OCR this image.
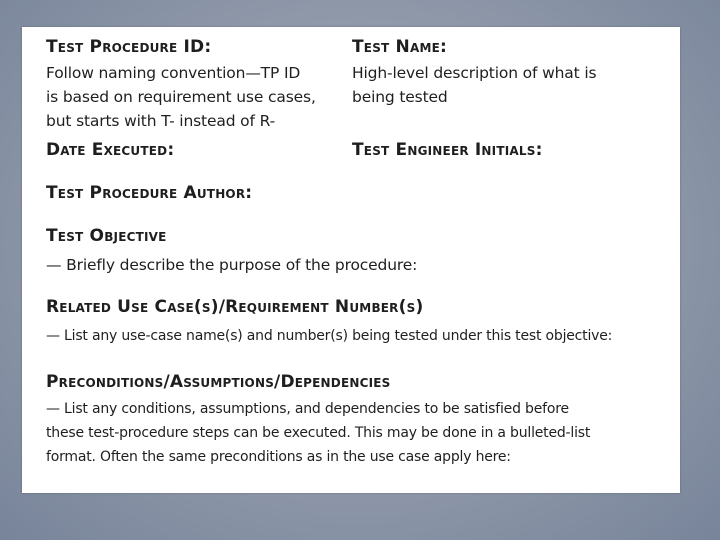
Test Procedure ID:
Follow naming convention—TP ID
is based on requirement use cases,
but starts with T- instead of R-
Test Name:
High-level description of what is
being tested
Date Executed:	Test Engineer Initials:
Test Procedure Author:
Test Objective
— Briefly describe the purpose of the procedure:
Related Use Case(s)/Requirement Number(s)
— List any use-case name(s) and number(s) being tested under this test objective:
Preconditions/Assumptions/Dependencies
— List any conditions, assumptions, and dependencies to be satisfied before
these test-procedure steps can be executed. This may be done in a bulleted-list
format. Often the same preconditions as in the use case apply here:
